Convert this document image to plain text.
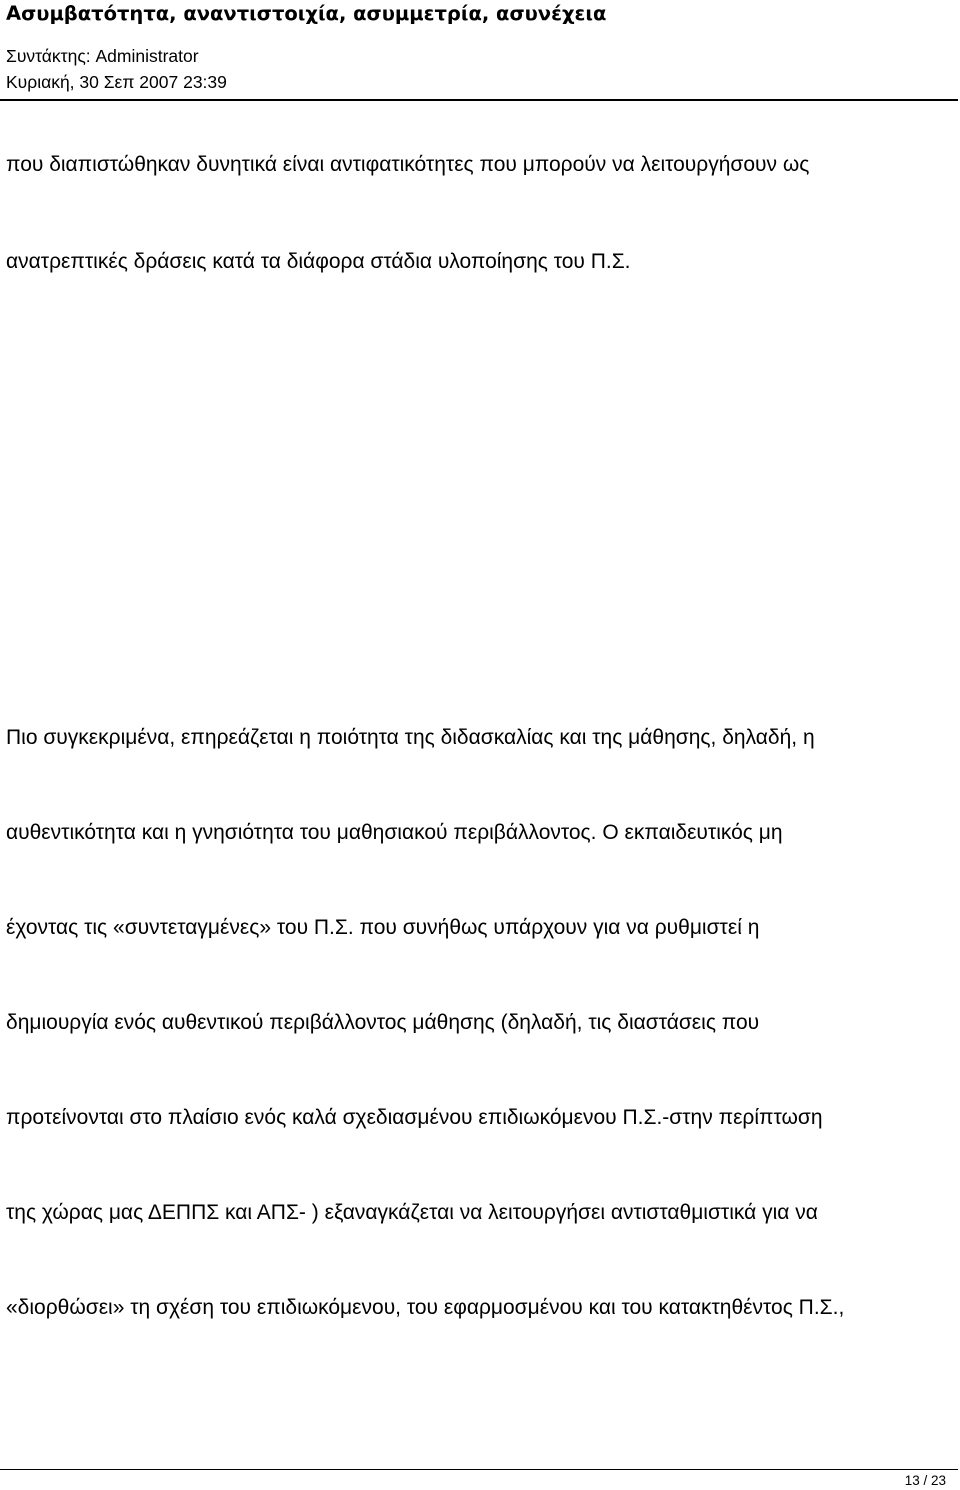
Ασυμβατότητα, αναντιστοιχία, ασυμμετρία, ασυνέχεια
Συντάκτης: Administrator
Κυριακή, 30 Σεπ 2007 23:39
που διαπιστώθηκαν δυνητικά είναι αντιφατικότητες που μπορούν να λειτουργήσουν ως
ανατρεπτικές δράσεις κατά τα διάφορα στάδια υλοποίησης του Π.Σ.
Πιο συγκεκριμένα, επηρεάζεται η ποιότητα της διδασκαλίας και της μάθησης, δηλαδή, η
αυθεντικότητα και η γνησιότητα του μαθησιακού περιβάλλοντος. Ο εκπαιδευτικός μη
έχοντας τις «συντεταγμένες» του Π.Σ. που συνήθως υπάρχουν για να ρυθμιστεί η
δημιουργία ενός αυθεντικού περιβάλλοντος μάθησης (δηλαδή, τις διαστάσεις που
προτείνονται στο πλαίσιο ενός καλά σχεδιασμένου επιδιωκόμενου Π.Σ.-στην περίπτωση
της χώρας μας ΔΕΠΠΣ και ΑΠΣ- ) εξαναγκάζεται να λειτουργήσει αντισταθμιστικά για να
«διορθώσει» τη σχέση του επιδιωκόμενου, του εφαρμοσμένου και του κατακτηθέντος Π.Σ.,
13 / 23
